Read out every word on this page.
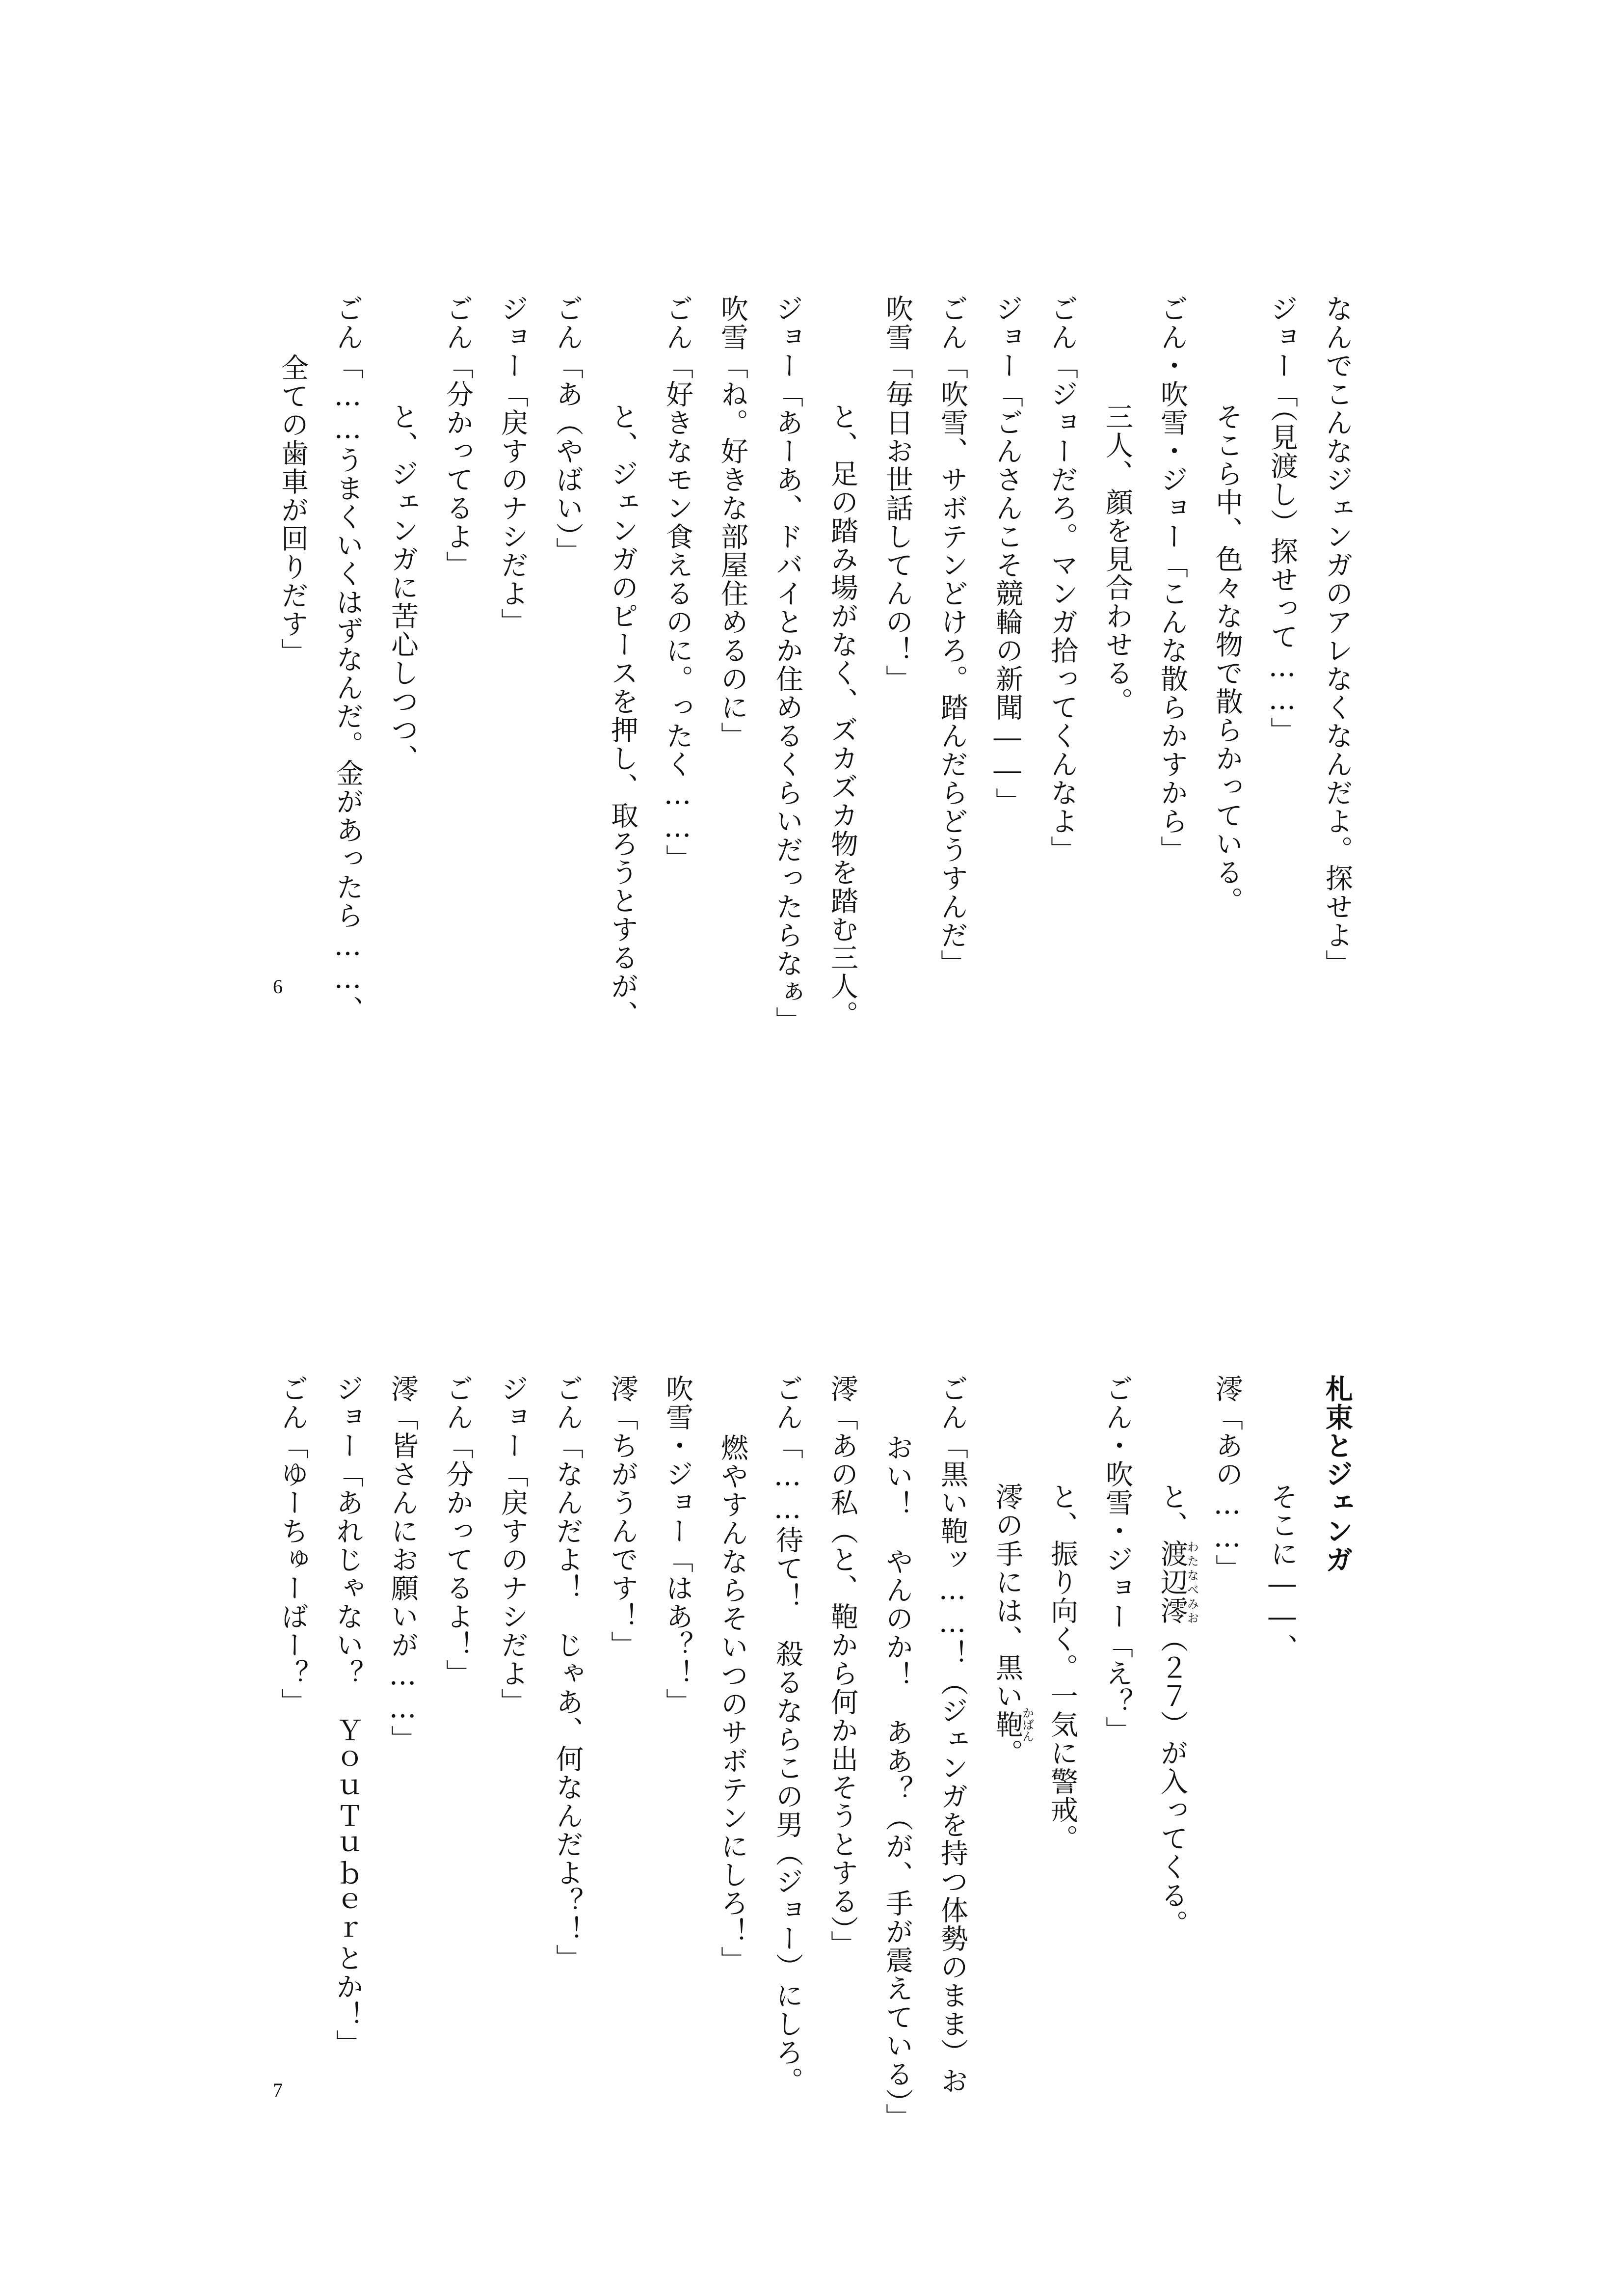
なんでこんなジェンガのアレなくなんだよ。探せよ」
ジョー「（見渡し）探せって……」
そこら中、色々な物で散らかっている。
ごん・吹雪・ジョー「こんな散らかすから」
三人、顔を見合わせる。
ごん「ジョーだろ。マンガ拾ってくんなよ」
ジョー「ごんさんこそ競輪の新聞――」
ごん「吹雪、サボテンどけろ。踏んだらどうすんだ」
吹雪「毎日お世話してんの！」
と、足の踏み場がなく、ズカズカ物を踏む三人。
ジョー「あーあ、ドバイとか住めるくらいだったらなぁ」
吹雪「ね。好きな部屋住めるのに」
ごん「好きなモン食えるのに。ったく……」
と、ジェンガのピースを押し、取ろうとするが、
ごん「あ（やばい）」
ジョー「戻すのナシだよ」
ごん「分かってるよ」
と、ジェンガに苦心しつつ、
ごん「……うまくいくはずなんだ。金があったら……、
全ての歯車が回りだす」
6
札束とジェンガ
そこに――、
澪「あの……」
と、渡辺澪わたなべみお（２７）が入ってくる。
ごん・吹雪・ジョー「え？」
と、振り向く。一気に警戒。
澪の手には、黒い鞄かばん。
ごん「黒い鞄ッ……！（ジェンガを持つ体勢のまま）お
おい！　やんのか！　ああ？（が、手が震えている）」
澪「あの私（と、鞄から何か出そうとする）」
ごん「……待て！　殺るならこの男（ジョー）にしろ。
燃やすんならそいつのサボテンにしろ！」
吹雪・ジョー「はあ？！」
澪「ちがうんです！」
ごん「なんだよ！　じゃあ、何なんだよ？！」
ジョー「戻すのナシだよ」
ごん「分かってるよ！」
澪「皆さんにお願いが……」
ジョー「あれじゃない？　ＹｏｕＴｕｂｅｒとか！」
ごん「ゆーちゅーばー？」
7
